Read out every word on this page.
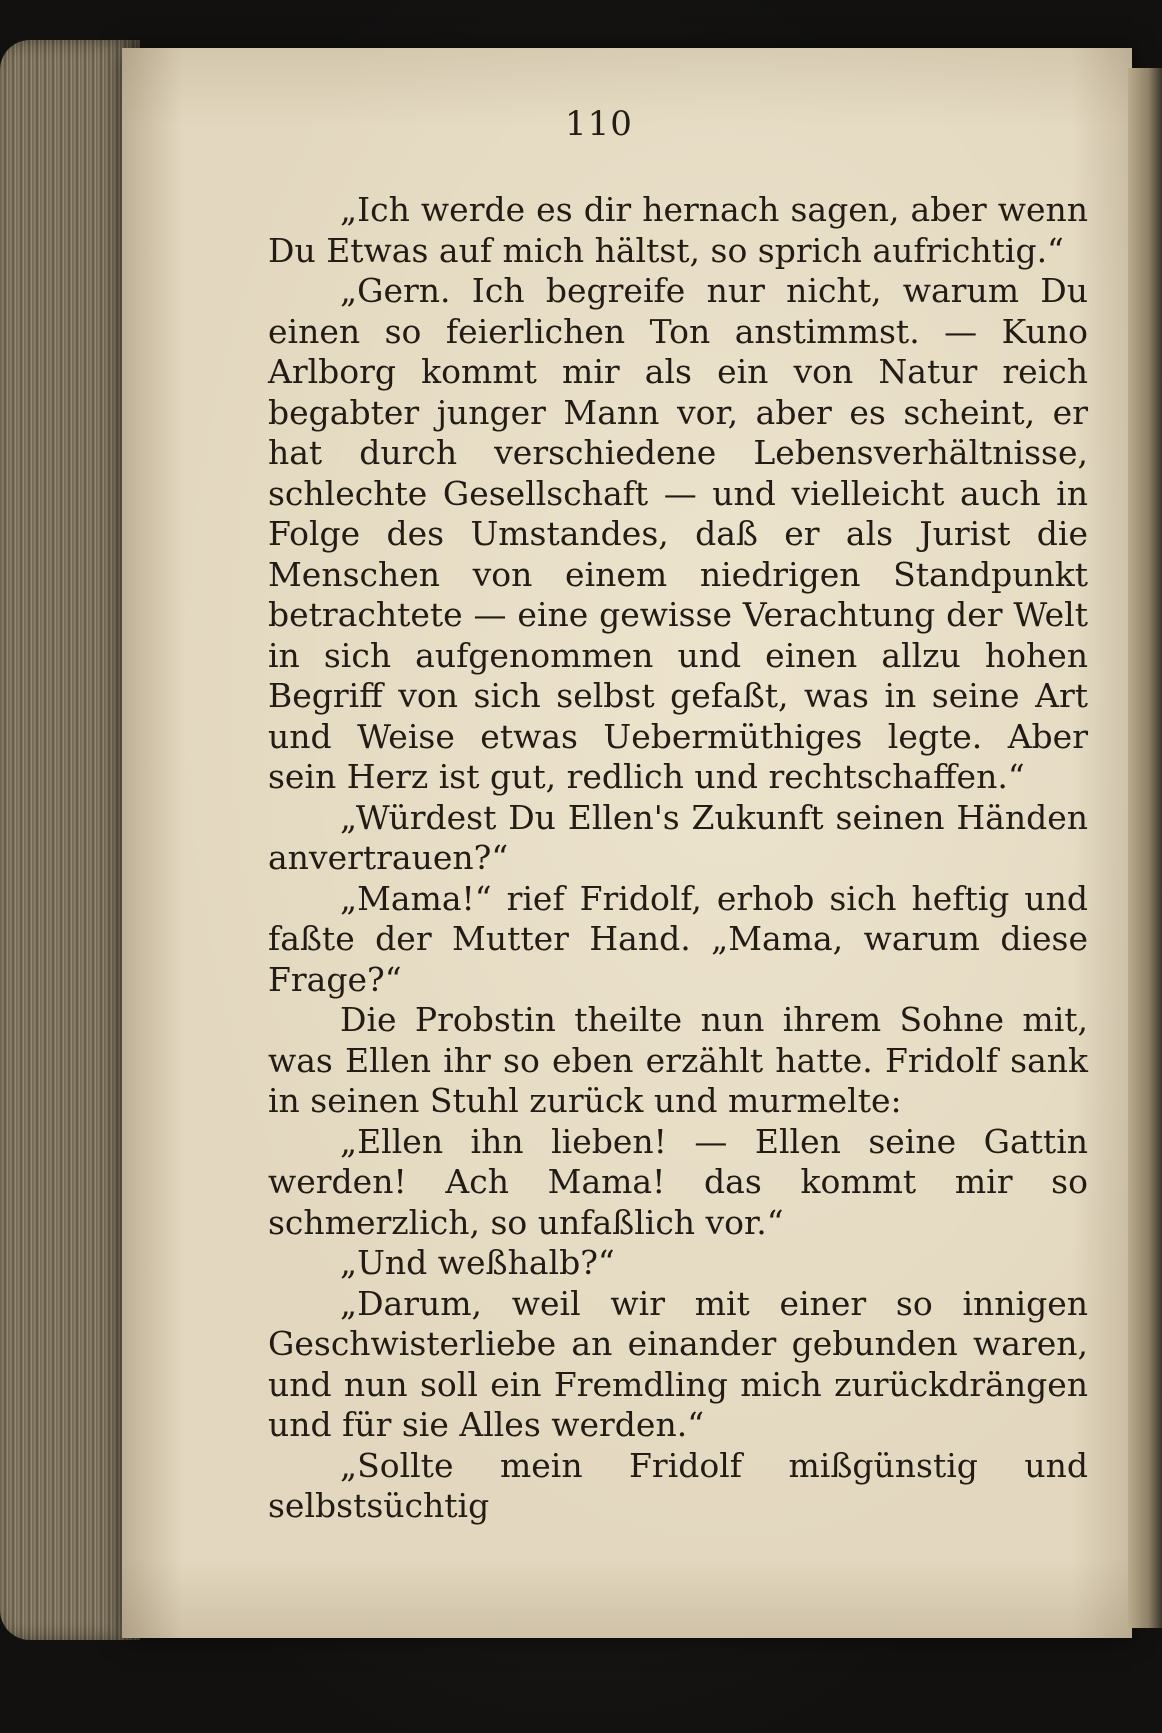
110

„Ich werde es dir hernach sagen, aber wenn Du Etwas auf mich hältst, so sprich aufrichtig.“

„Gern. Ich begreife nur nicht, warum Du einen so feierlichen Ton anstimmst. — Kuno Arlborg kommt mir als ein von Natur reich begabter junger Mann vor, aber es scheint, er hat durch verschiedene Lebensverhältnisse, schlechte Gesellschaft — und vielleicht auch in Folge des Umstandes, daß er als Jurist die Menschen von einem niedrigen Standpunkt betrachtete — eine gewisse Verachtung der Welt in sich aufgenommen und einen allzu hohen Begriff von sich selbst gefaßt, was in seine Art und Weise etwas Uebermüthiges legte. Aber sein Herz ist gut, redlich und rechtschaffen.“

„Würdest Du Ellen's Zukunft seinen Händen anvertrauen?“

„Mama!“ rief Fridolf, erhob sich heftig und faßte der Mutter Hand. „Mama, warum diese Frage?“

Die Probstin theilte nun ihrem Sohne mit, was Ellen ihr so eben erzählt hatte. Fridolf sank in seinen Stuhl zurück und murmelte:

„Ellen ihn lieben! — Ellen seine Gattin werden! Ach Mama! das kommt mir so schmerzlich, so unfaßlich vor.“

„Und weßhalb?“

„Darum, weil wir mit einer so innigen Geschwisterliebe an einander gebunden waren, und nun soll ein Fremdling mich zurückdrängen und für sie Alles werden.“

„Sollte mein Fridolf mißgünstig und selbstsüchtig
